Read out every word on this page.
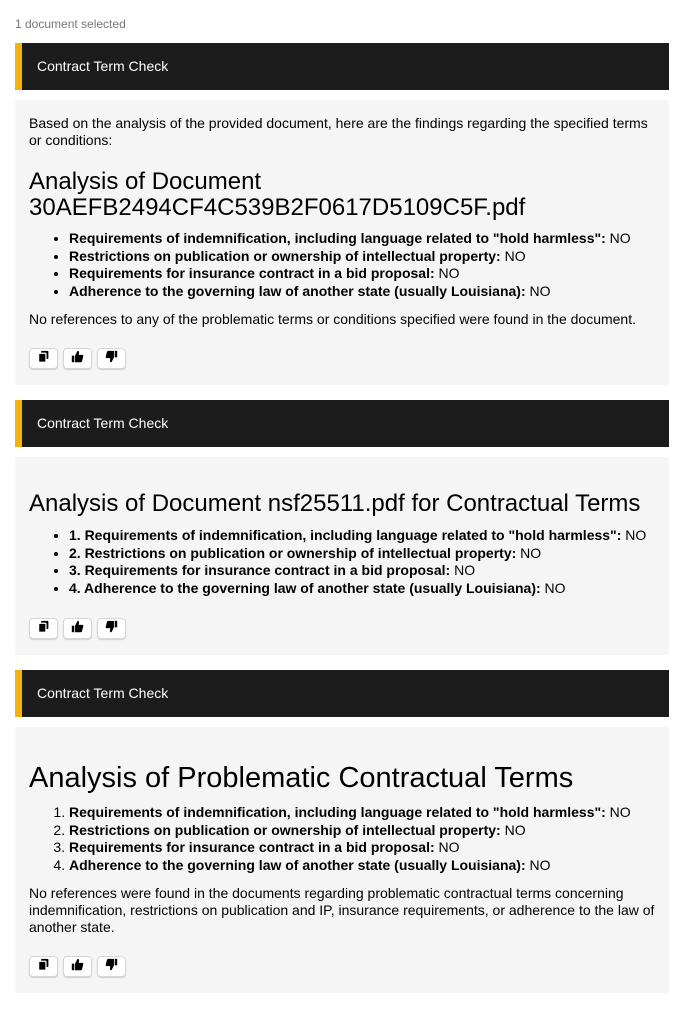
1 document selected
Contract Term Check

Based on the analysis of the provided document, here are the findings regarding the specified terms or conditions:

Analysis of Document 30AEFB2494CF4C539B2F0617D5109C5F.pdf
• Requirements of indemnification, including language related to "hold harmless": NO
• Restrictions on publication or ownership of intellectual property: NO
• Requirements for insurance contract in a bid proposal: NO
• Adherence to the governing law of another state (usually Louisiana): NO

No references to any of the problematic terms or conditions specified were found in the document.

Contract Term Check
Analysis of Document nsf25511.pdf for Contractual Terms
• 1. Requirements of indemnification, including language related to "hold harmless": NO
• 2. Restrictions on publication or ownership of intellectual property: NO
• 3. Requirements for insurance contract in a bid proposal: NO
• 4. Adherence to the governing law of another state (usually Louisiana): NO
Contract Term Check
Analysis of Problematic Contractual Terms
1. Requirements of indemnification, including language related to "hold harmless": NO
2. Restrictions on publication or ownership of intellectual property: NO
3. Requirements for insurance contract in a bid proposal: NO
4. Adherence to the governing law of another state (usually Louisiana): NO

No references were found in the documents regarding problematic contractual terms concerning indemnification, restrictions on publication and IP, insurance requirements, or adherence to the law of another state.
